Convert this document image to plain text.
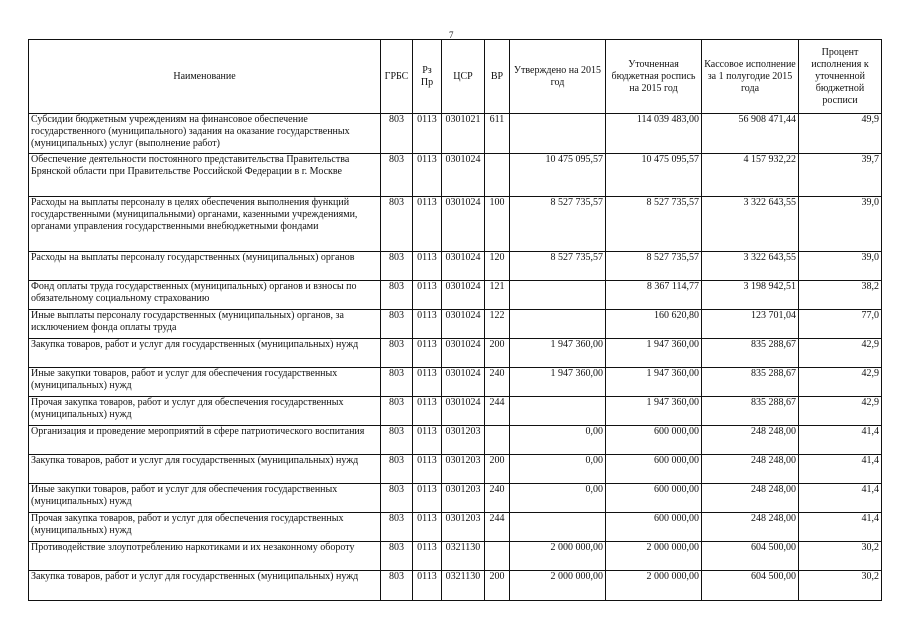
7
Наименование	ГРБС	Рз Пр	ЦСР	ВР	Утверждено на 2015 год	Уточненная бюджетная роспись на 2015 год	Кассовое исполнение за 1 полугодие 2015 года	Процент исполнения к уточненной бюджетной росписи
Субсидии бюджетным учреждениям на финансовое обеспечение государственного (муниципального) задания на оказание государственных (муниципальных) услуг (выполнение работ)	803	0113	0301021	611		114 039 483,00	56 908 471,44	49,9
Обеспечение деятельности постоянного представительства Правительства Брянской области при Правительстве Российской Федерации в г. Москве	803	0113	0301024		10 475 095,57	10 475 095,57	4 157 932,22	39,7
Расходы на выплаты персоналу в целях обеспечения выполнения функций государственными (муниципальными) органами, казенными учреждениями, органами управления государственными внебюджетными фондами	803	0113	0301024	100	8 527 735,57	8 527 735,57	3 322 643,55	39,0
Расходы на выплаты персоналу государственных (муниципальных) органов	803	0113	0301024	120	8 527 735,57	8 527 735,57	3 322 643,55	39,0
Фонд оплаты труда государственных (муниципальных) органов и взносы по обязательному социальному страхованию	803	0113	0301024	121		8 367 114,77	3 198 942,51	38,2
Иные выплаты персоналу государственных (муниципальных) органов, за исключением фонда оплаты труда	803	0113	0301024	122		160 620,80	123 701,04	77,0
Закупка товаров, работ и услуг для государственных (муниципальных) нужд	803	0113	0301024	200	1 947 360,00	1 947 360,00	835 288,67	42,9
Иные закупки товаров, работ и услуг для обеспечения государственных (муниципальных) нужд	803	0113	0301024	240	1 947 360,00	1 947 360,00	835 288,67	42,9
Прочая закупка товаров, работ и услуг для обеспечения государственных (муниципальных) нужд	803	0113	0301024	244		1 947 360,00	835 288,67	42,9
Организация и проведение мероприятий в сфере патриотического воспитания	803	0113	0301203		0,00	600 000,00	248 248,00	41,4
Закупка товаров, работ и услуг для государственных (муниципальных) нужд	803	0113	0301203	200	0,00	600 000,00	248 248,00	41,4
Иные закупки товаров, работ и услуг для обеспечения государственных (муниципальных) нужд	803	0113	0301203	240	0,00	600 000,00	248 248,00	41,4
Прочая закупка товаров, работ и услуг для обеспечения государственных (муниципальных) нужд	803	0113	0301203	244		600 000,00	248 248,00	41,4
Противодействие злоупотреблению наркотиками и их незаконному обороту	803	0113	0321130		2 000 000,00	2 000 000,00	604 500,00	30,2
Закупка товаров, работ и услуг для государственных (муниципальных) нужд	803	0113	0321130	200	2 000 000,00	2 000 000,00	604 500,00	30,2
